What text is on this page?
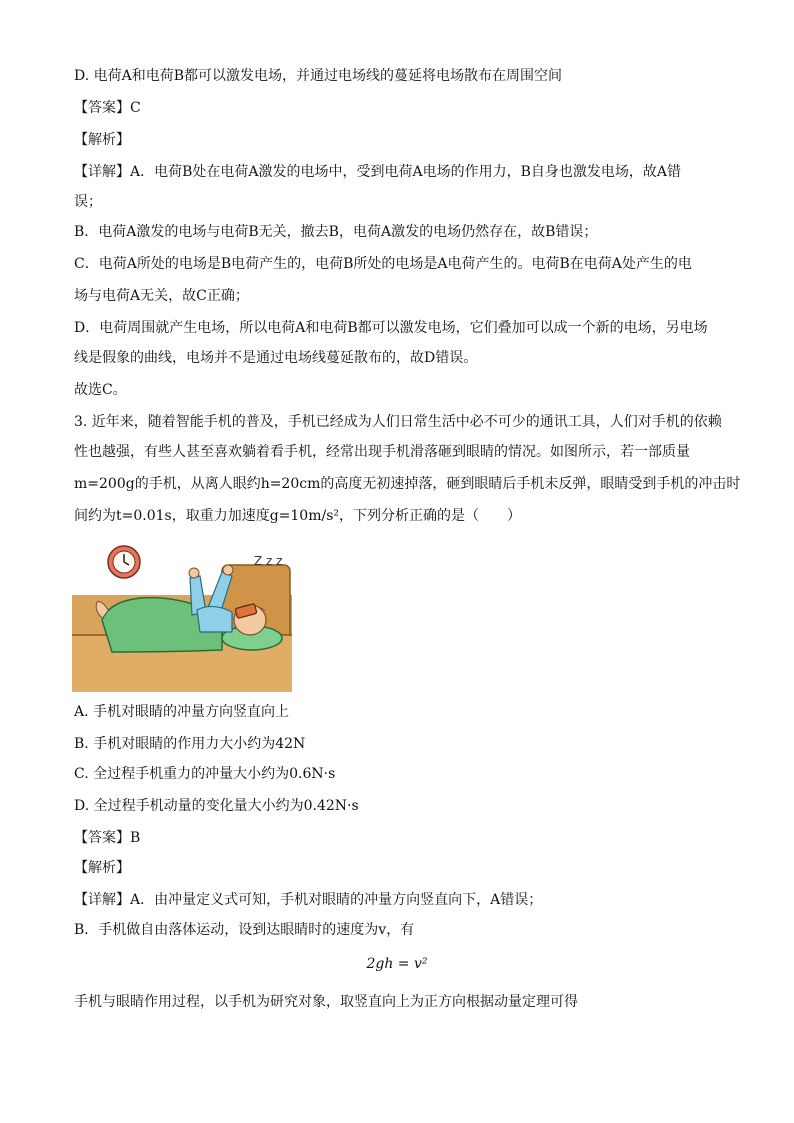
D. 电荷A和电荷B都可以激发电场，并通过电场线的蔓延将电场散布在周围空间
【答案】C
【解析】
【详解】A．电荷B处在电荷A激发的电场中，受到电荷A电场的作用力，B自身也激发电场，故A错
误；
B．电荷A激发的电场与电荷B无关，撤去B，电荷A激发的电场仍然存在，故B错误；
C．电荷A所处的电场是B电荷产生的，电荷B所处的电场是A电荷产生的。电荷B在电荷A处产生的电
场与电荷A无关，故C正确；
D．电荷周围就产生电场，所以电荷A和电荷B都可以激发电场，它们叠加可以成一个新的电场，另电场
线是假象的曲线，电场并不是通过电场线蔓延散布的，故D错误。
故选C。
3. 近年来，随着智能手机的普及，手机已经成为人们日常生活中必不可少的通讯工具，人们对手机的依赖
性也越强，有些人甚至喜欢躺着看手机，经常出现手机滑落砸到眼睛的情况。如图所示，若一部质量
m=200g的手机，从离人眼约h=20cm的高度无初速掉落，砸到眼睛后手机未反弹，眼睛受到手机的冲击时
间约为t=0.01s，取重力加速度g=10m/s²，下列分析正确的是（　　）
Z z z
A. 手机对眼睛的冲量方向竖直向上
B. 手机对眼睛的作用力大小约为42N
C. 全过程手机重力的冲量大小约为0.6N·s
D. 全过程手机动量的变化量大小约为0.42N·s
【答案】B
【解析】
【详解】A．由冲量定义式可知，手机对眼睛的冲量方向竖直向下，A错误；
B．手机做自由落体运动，设到达眼睛时的速度为v，有
2gh = v²
手机与眼睛作用过程，以手机为研究对象，取竖直向上为正方向根据动量定理可得
